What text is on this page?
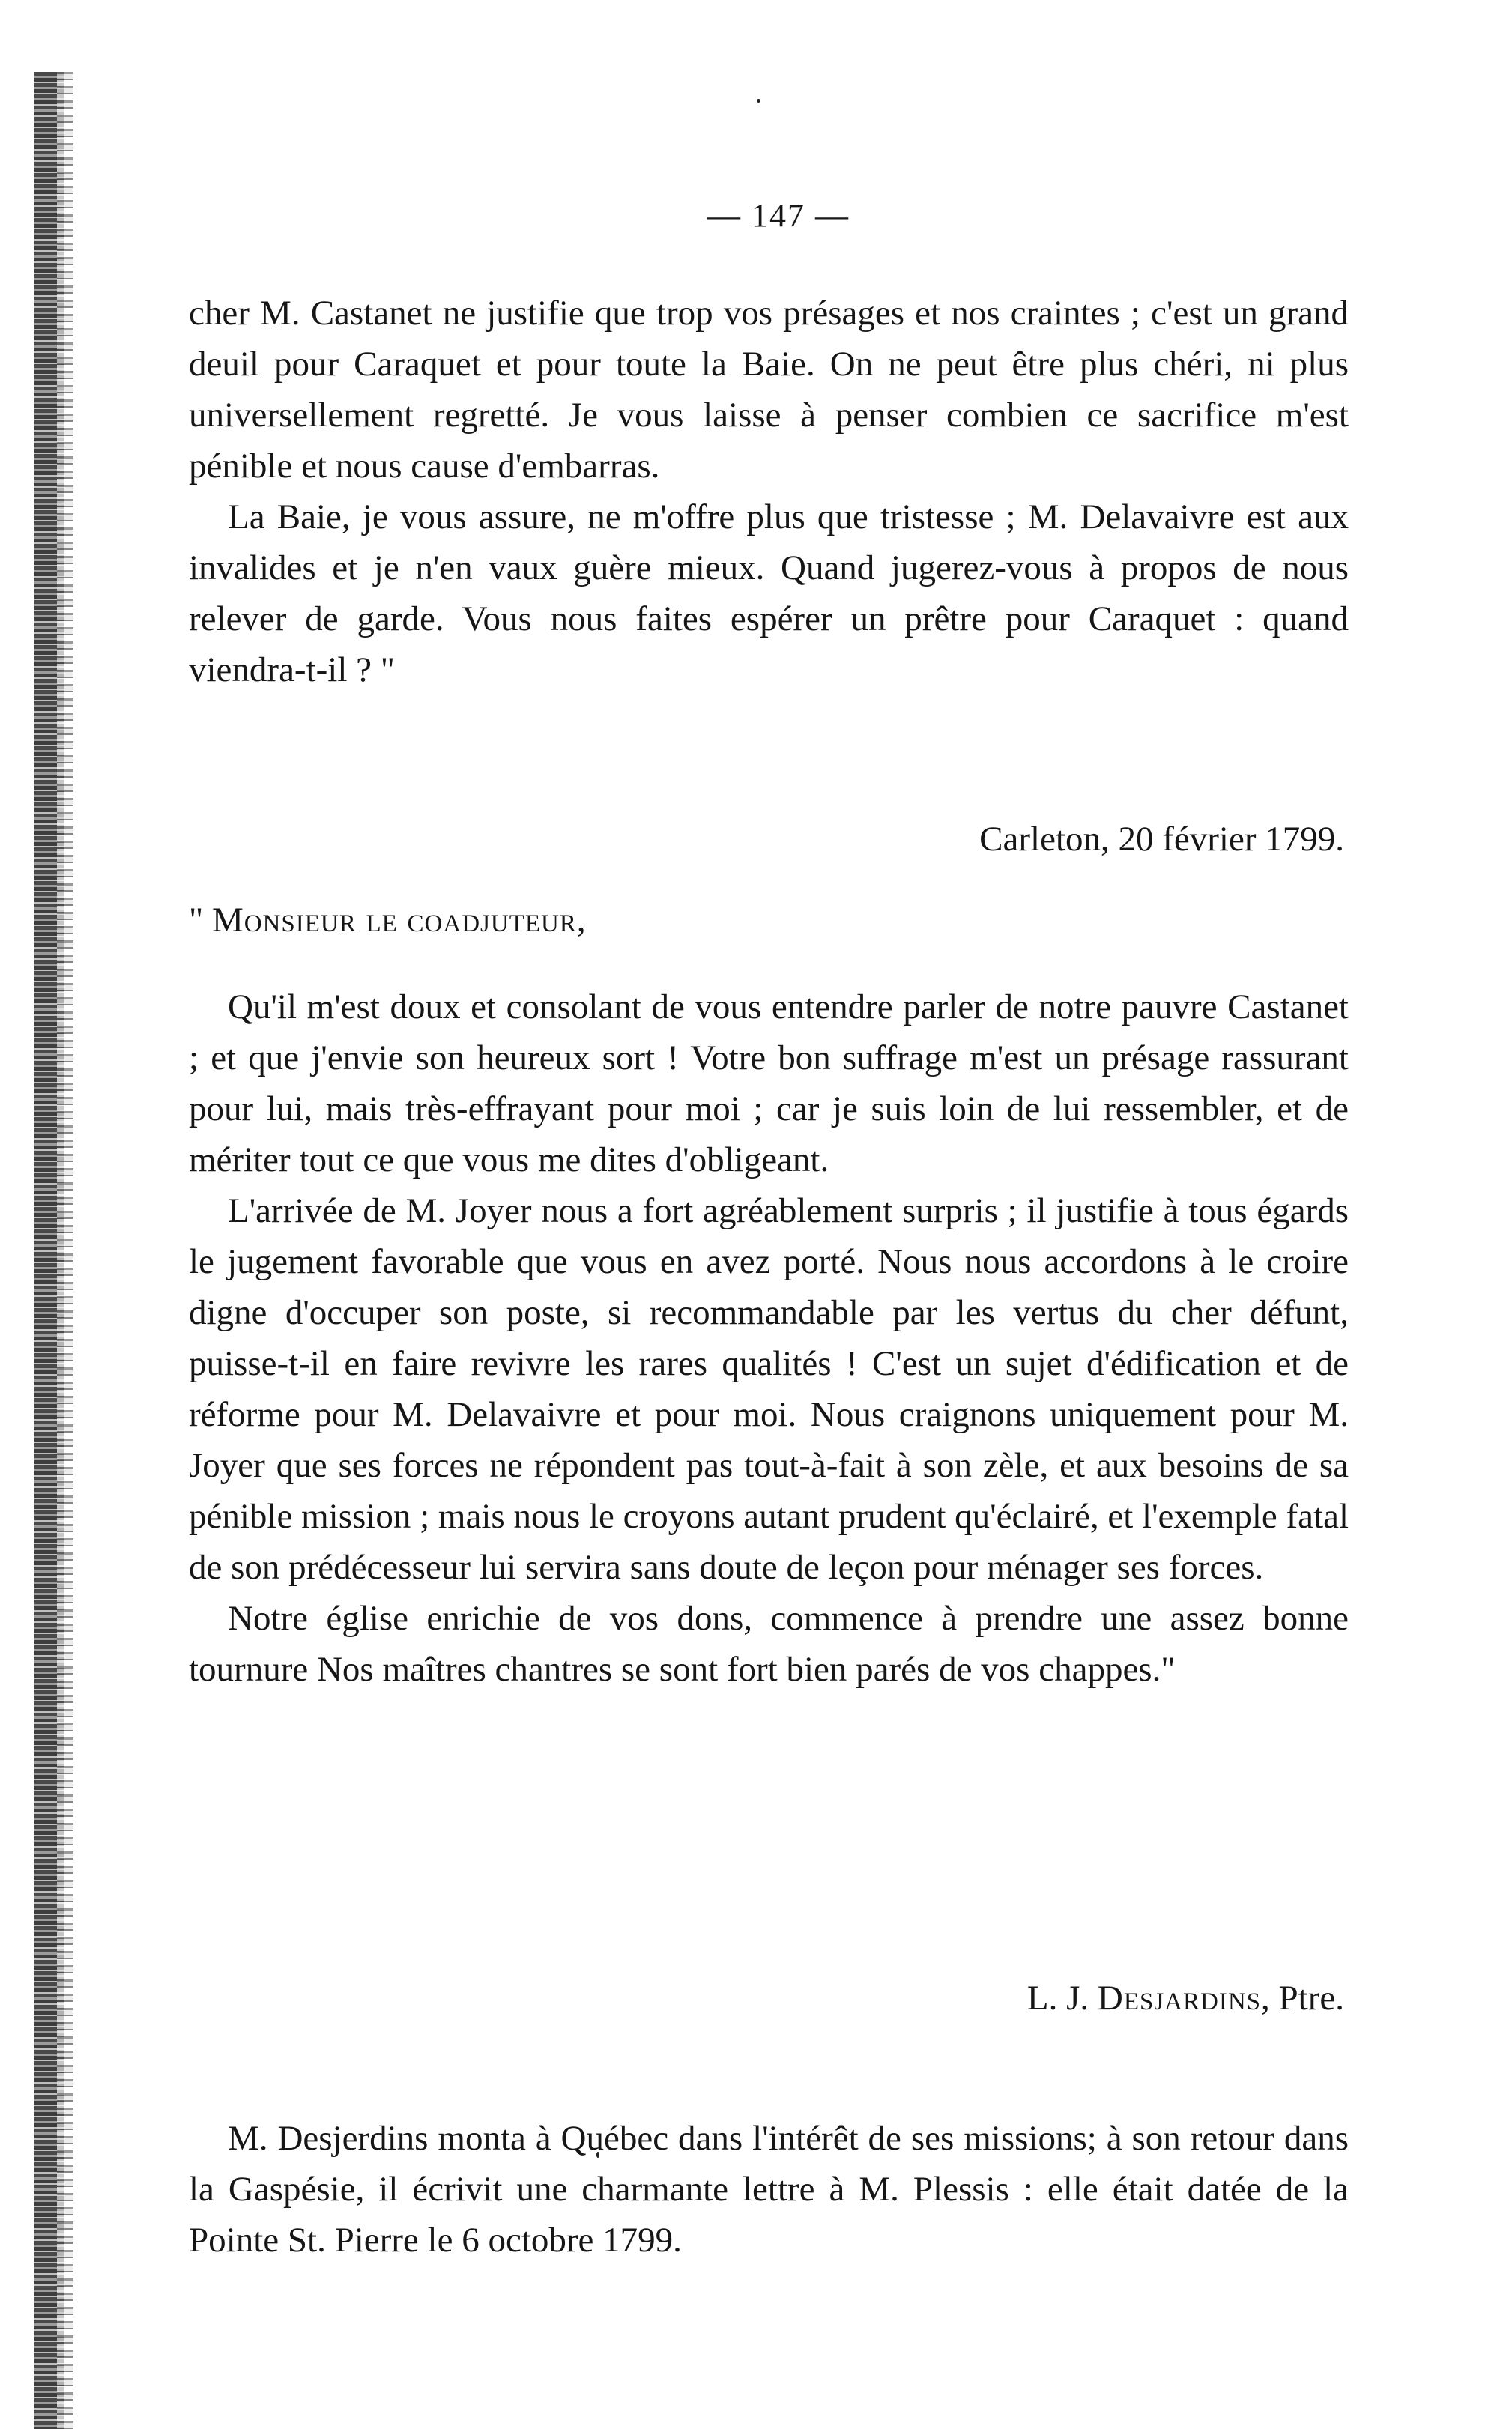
— 147 —

cher M. Castanet ne justifie que trop vos présages et nos craintes ; c'est un grand deuil pour Caraquet et pour toute la Baie. On ne peut être plus chéri, ni plus universellement regretté. Je vous laisse à penser combien ce sacrifice m'est pénible et nous cause d'embarras.

La Baie, je vous assure, ne m'offre plus que tristesse ; M. Delavaivre est aux invalides et je n'en vaux guère mieux. Quand jugerez-vous à propos de nous relever de garde. Vous nous faites espérer un prêtre pour Caraquet : quand viendra-t-il ? "

Carleton, 20 février 1799.
" Monsieur le coadjuteur,

Qu'il m'est doux et consolant de vous entendre parler de notre pauvre Castanet ; et que j'envie son heureux sort ! Votre bon suffrage m'est un présage rassurant pour lui, mais très-effrayant pour moi ; car je suis loin de lui ressembler, et de mériter tout ce que vous me dites d'obligeant.

L'arrivée de M. Joyer nous a fort agréablement surpris ; il justifie à tous égards le jugement favorable que vous en avez porté. Nous nous accordons à le croire digne d'occuper son poste, si recommandable par les vertus du cher défunt, puisse-t-il en faire revivre les rares qualités ! C'est un sujet d'édification et de réforme pour M. Delavaivre et pour moi. Nous craignons uniquement pour M. Joyer que ses forces ne répondent pas tout-à-fait à son zèle, et aux besoins de sa pénible mission ; mais nous le croyons autant prudent qu'éclairé, et l'exemple fatal de son prédécesseur lui servira sans doute de leçon pour ménager ses forces.

Notre église enrichie de vos dons, commence à prendre une assez bonne tournure Nos maîtres chantres se sont fort bien parés de vos chappes."

L. J. Desjardins, Ptre.

M. Desjerdins monta à Québec dans l'intérêt de ses missions; à son retour dans la Gaspésie, il écrivit une charmante lettre à M. Plessis : elle était datée de la Pointe St. Pierre le 6 octobre 1799.
